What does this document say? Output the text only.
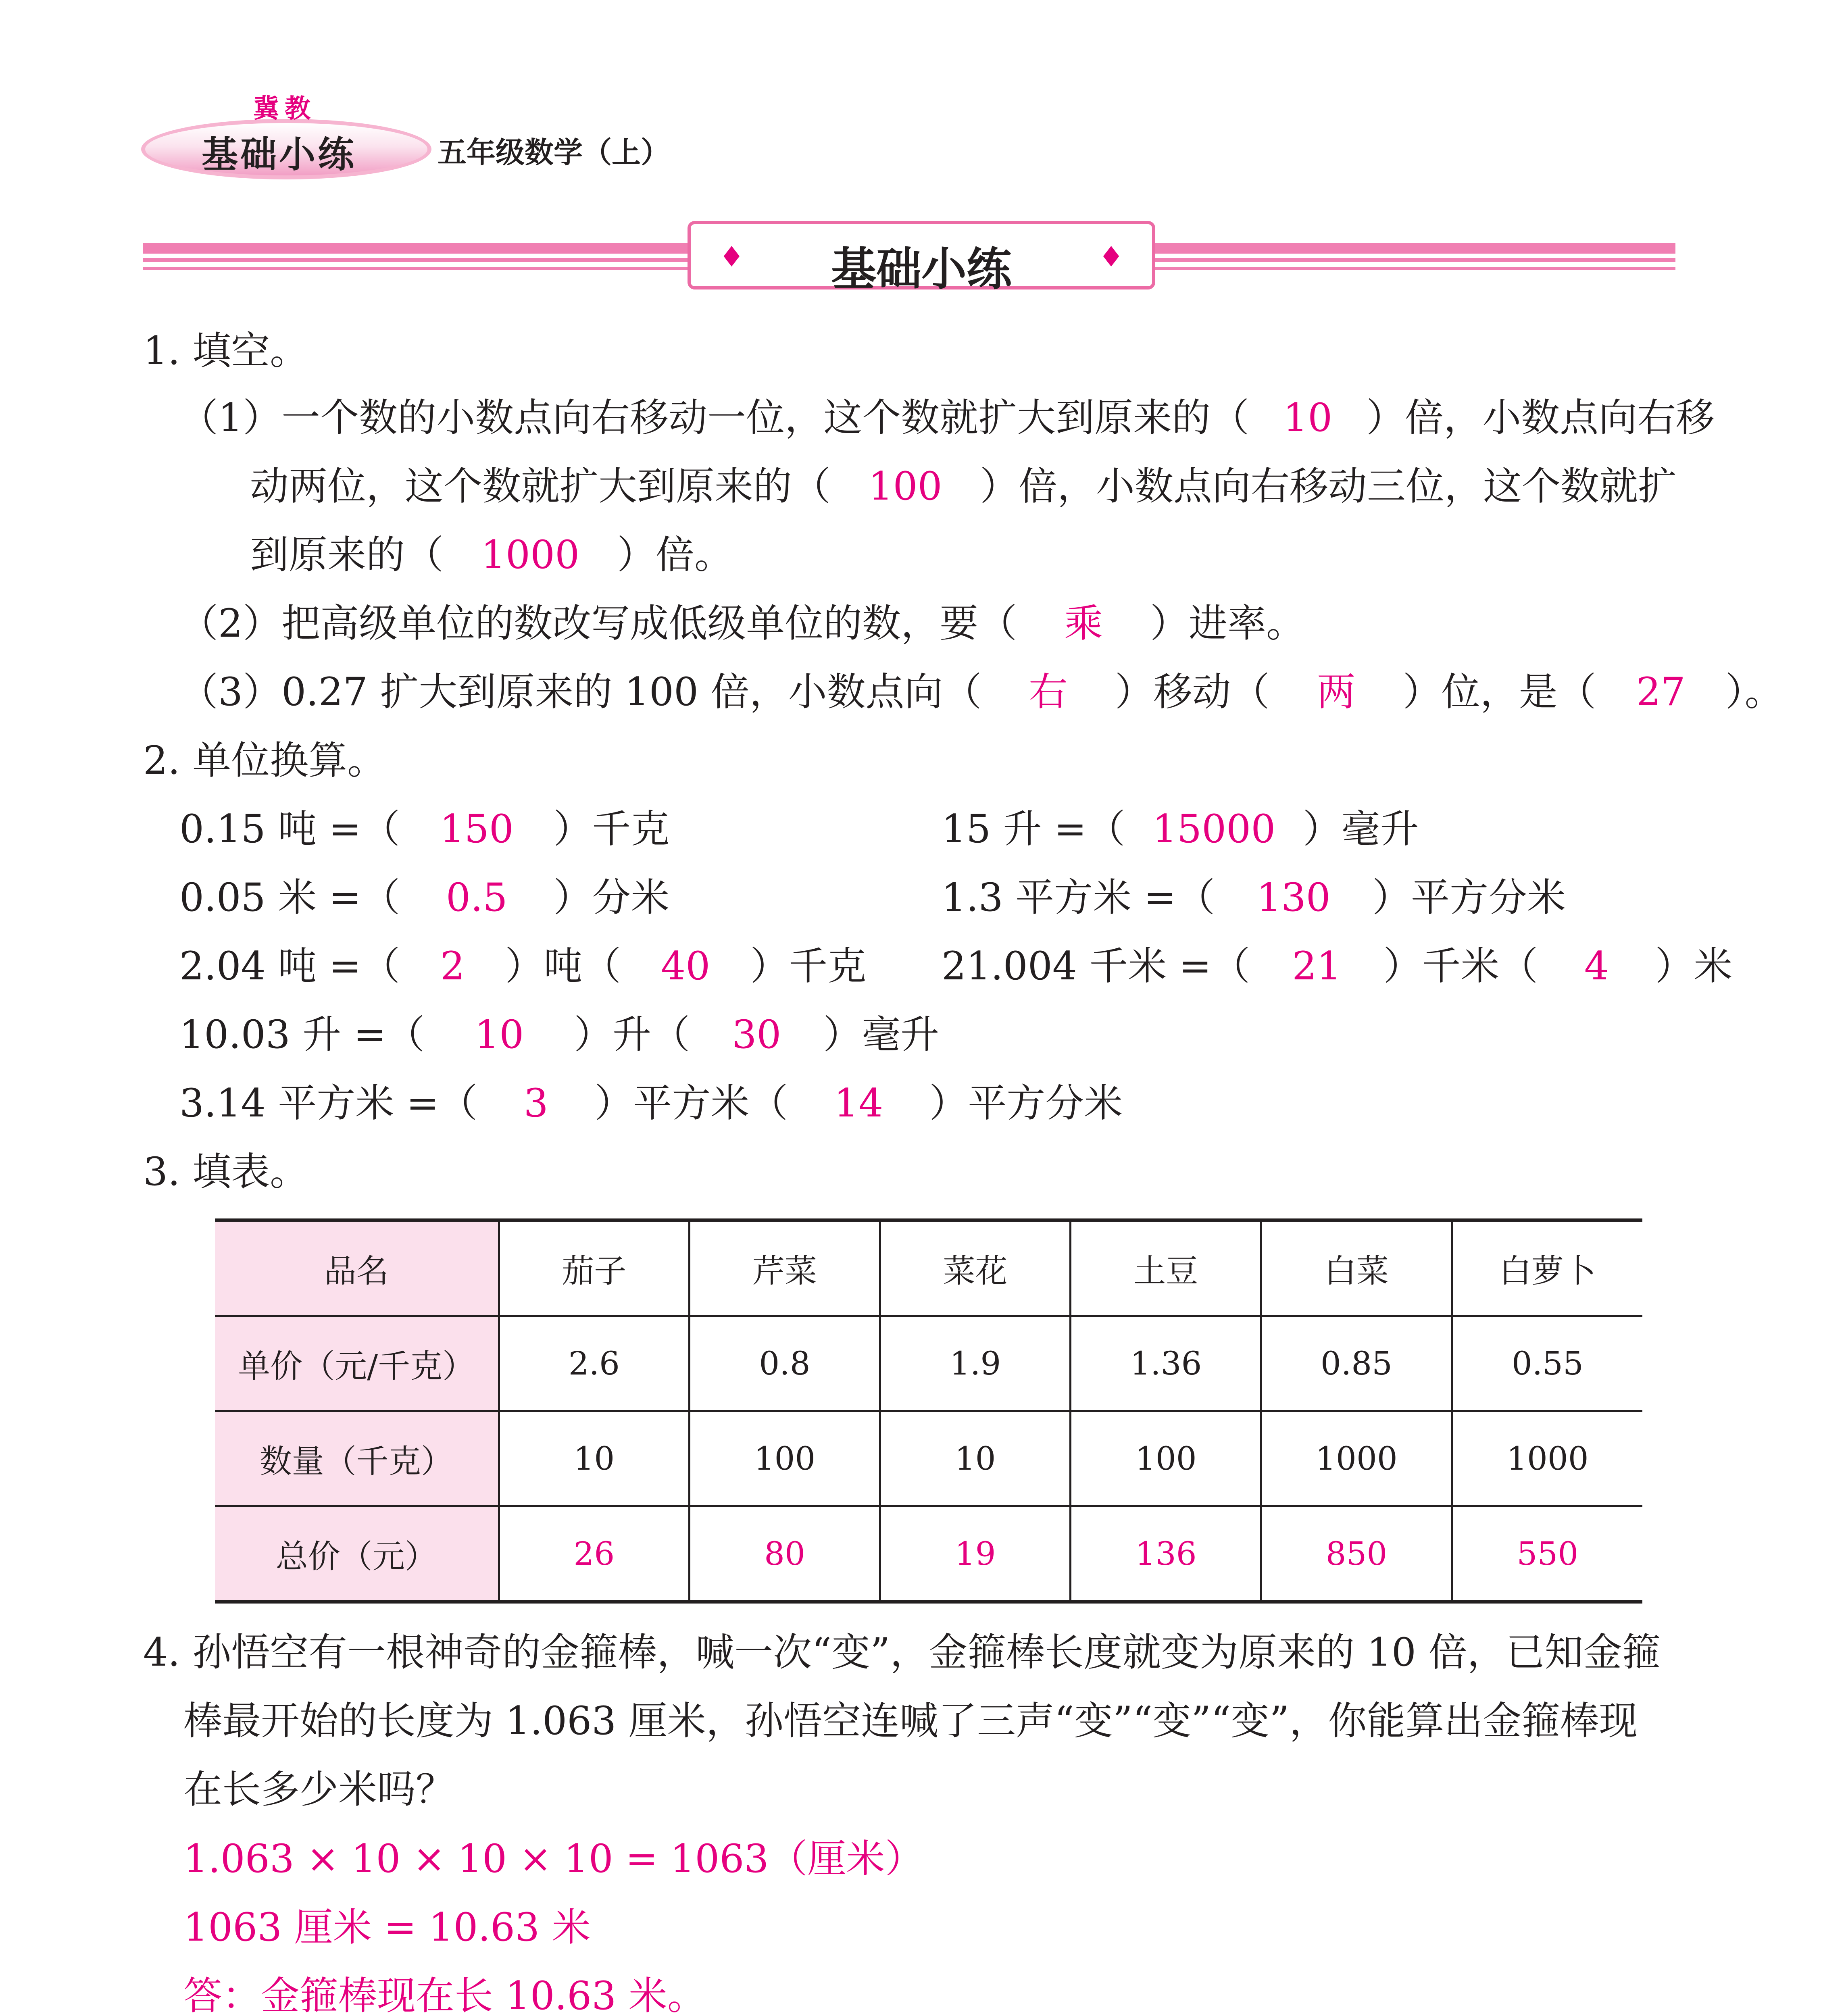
冀教
基础小练	五年级数学（上）
♦	基础小练	♦
1. 填空。
（1）一个数的小数点向右移动一位，这个数就扩大到原来的（ 10 ）倍，小数点向右移
动两位，这个数就扩大到原来的（ 100 ）倍，小数点向右移动三位，这个数就扩
到原来的（ 1000 ）倍。
（2）把高级单位的数改写成低级单位的数，要（ 乘 ）进率。
（3）0.27 扩大到原来的 100 倍，小数点向（ 右 ）移动（ 两 ）位，是（ 27 ）。
2. 单位换算。
0.15 吨 =（ 150 ）千克	15 升 =（ 15000 ）毫升
0.05 米 =（ 0.5 ）分米	1.3 平方米 =（ 130 ）平方分米
2.04 吨 =（ 2 ）吨（ 40 ）千克 21.004 千米 =（ 21 ）千米（ 4 ）米
10.03 升 =（ 10 ）升（ 30 ）毫升
3.14 平方米 =（ 3 ）平方米（ 14 ）平方分米
3. 填表。
品名	茄子	芹菜	菜花	土豆	白菜	白萝卜
单价（元/千克）	2.6	0.8	1.9	1.36	0.85	0.55
数量（千克）	10	100	10	100	1000	1000
总价（元）	26	80	19	136	850	550
4. 孙悟空有一根神奇的金箍棒，喊一次“变”，金箍棒长度就变为原来的 10 倍，已知金箍
棒最开始的长度为 1.063 厘米，孙悟空连喊了三声“变”“变”“变”，你能算出金箍棒现
在长多少米吗？
1.063 × 10 × 10 × 10 = 1063（厘米）
1063 厘米 = 10.63 米
答：金箍棒现在长 10.63 米。
